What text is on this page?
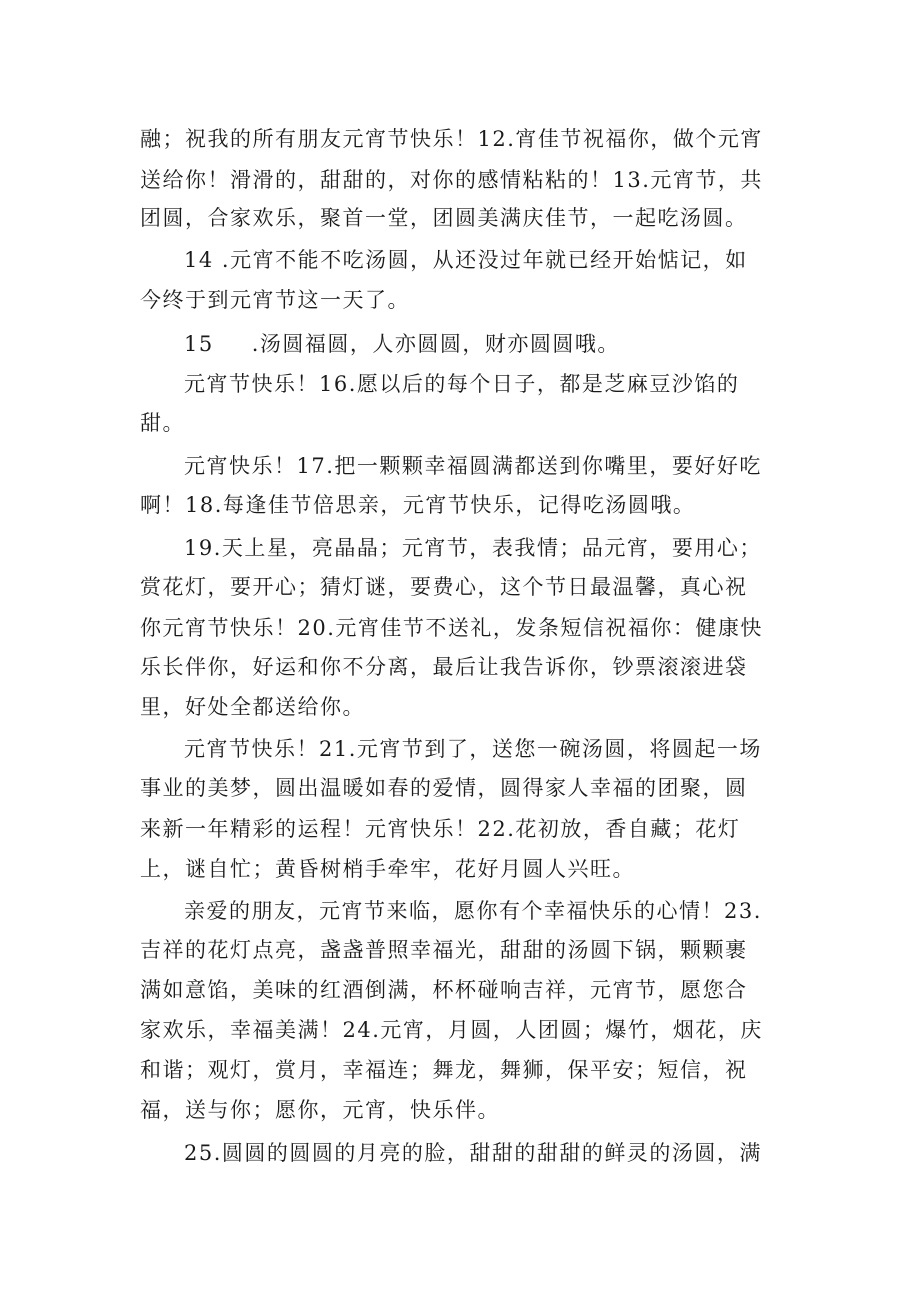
融；祝我的所有朋友元宵节快乐！12.宵佳节祝福你，做个元宵
送给你！滑滑的，甜甜的，对你的感情粘粘的！13.元宵节，共
团圆，合家欢乐，聚首一堂，团圆美满庆佳节，一起吃汤圆。
14 .元宵不能不吃汤圆，从还没过年就已经开始惦记，如
今终于到元宵节这一天了。
15 .汤圆福圆，人亦圆圆，财亦圆圆哦。
元宵节快乐！16.愿以后的每个日子，都是芝麻豆沙馅的
甜。
元宵快乐！17.把一颗颗幸福圆满都送到你嘴里，要好好吃
啊！18.每逢佳节倍思亲，元宵节快乐，记得吃汤圆哦。
19.天上星，亮晶晶；元宵节，表我情；品元宵，要用心；
赏花灯，要开心；猜灯谜，要费心，这个节日最温馨，真心祝
你元宵节快乐！20.元宵佳节不送礼，发条短信祝福你：健康快
乐长伴你，好运和你不分离，最后让我告诉你，钞票滚滚进袋
里，好处全都送给你。
元宵节快乐！21.元宵节到了，送您一碗汤圆，将圆起一场
事业的美梦，圆出温暖如春的爱情，圆得家人幸福的团聚，圆
来新一年精彩的运程！元宵快乐！22.花初放，香自藏；花灯
上，谜自忙；黄昏树梢手牵牢，花好月圆人兴旺。
亲爱的朋友，元宵节来临，愿你有个幸福快乐的心情！23.
吉祥的花灯点亮，盏盏普照幸福光，甜甜的汤圆下锅，颗颗裹
满如意馅，美味的红酒倒满，杯杯碰响吉祥，元宵节，愿您合
家欢乐，幸福美满！24.元宵，月圆，人团圆；爆竹，烟花，庆
和谐；观灯，赏月，幸福连；舞龙，舞狮，保平安；短信，祝
福，送与你；愿你，元宵，快乐伴。
25.圆圆的圆圆的月亮的脸，甜甜的甜甜的鲜灵的汤圆，满
